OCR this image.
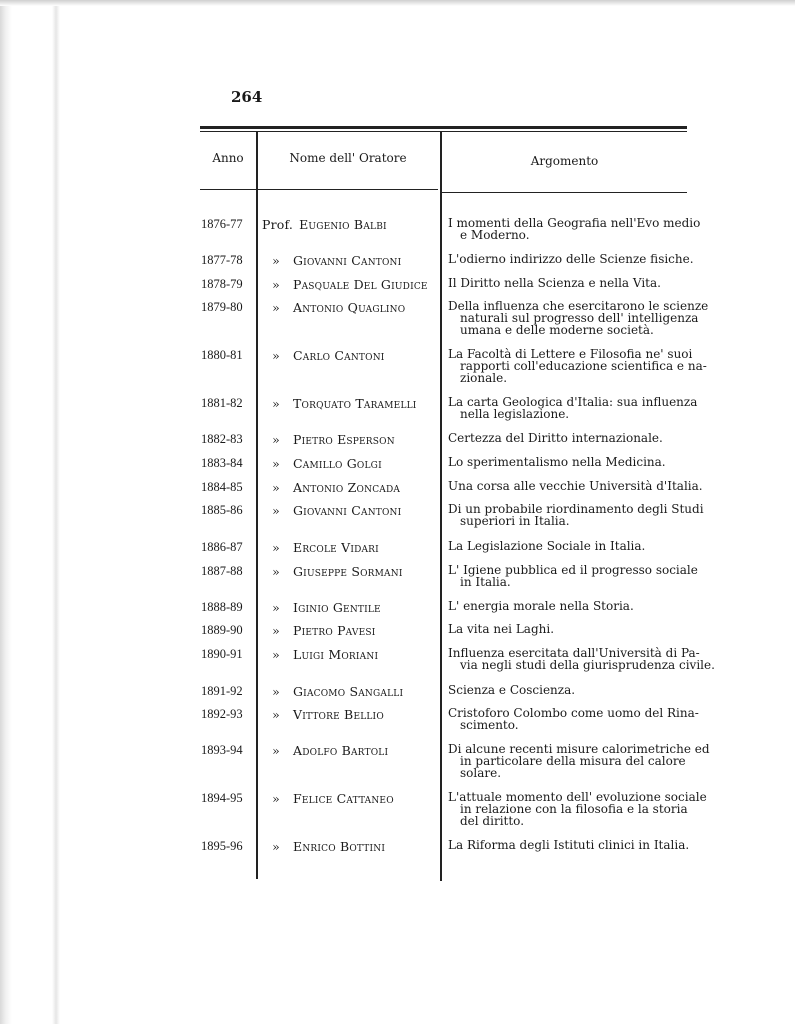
264
Anno	Nome dell' Oratore	Argomento
1876-77	Prof. Eugenio Balbi	I momenti della Geografia nell'Evo medio
e Moderno.
1877-78	» Giovanni Cantoni	L'odierno indirizzo delle Scienze fisiche.
1878-79	» Pasquale Del Giudice	Il Diritto nella Scienza e nella Vita.
1879-80	» Antonio Quaglino	Della influenza che esercitarono le scienze
naturali sul progresso dell' intelligenza
umana e delle moderne società.
1880-81	» Carlo Cantoni	La Facoltà di Lettere e Filosofia ne' suoi
rapporti coll'educazione scientifica e na-
zionale.
1881-82	» Torquato Taramelli	La carta Geologica d'Italia: sua influenza
nella legislazione.
1882-83	» Pietro Esperson	Certezza del Diritto internazionale.
1883-84	» Camillo Golgi	Lo sperimentalismo nella Medicina.
1884-85	» Antonio Zoncada	Una corsa alle vecchie Università d'Italia.
1885-86	» Giovanni Cantoni	Di un probabile riordinamento degli Studi
superiori in Italia.
1886-87	» Ercole Vidari	La Legislazione Sociale in Italia.
1887-88	» Giuseppe Sormani	L' Igiene pubblica ed il progresso sociale
in Italia.
1888-89	» Iginio Gentile	L' energia morale nella Storia.
1889-90	» Pietro Pavesi	La vita nei Laghi.
1890-91	» Luigi Moriani	Influenza esercitata dall'Università di Pa-
via negli studi della giurisprudenza civile.
1891-92	» Giacomo Sangalli	Scienza e Coscienza.
1892-93	» Vittore Bellio	Cristoforo Colombo come uomo del Rina-
scimento.
1893-94	» Adolfo Bartoli	Di alcune recenti misure calorimetriche ed
in particolare della misura del calore
solare.
1894-95	» Felice Cattaneo	L'attuale momento dell' evoluzione sociale
in relazione con la filosofia e la storia
del diritto.
1895-96	» Enrico Bottini	La Riforma degli Istituti clinici in Italia.
